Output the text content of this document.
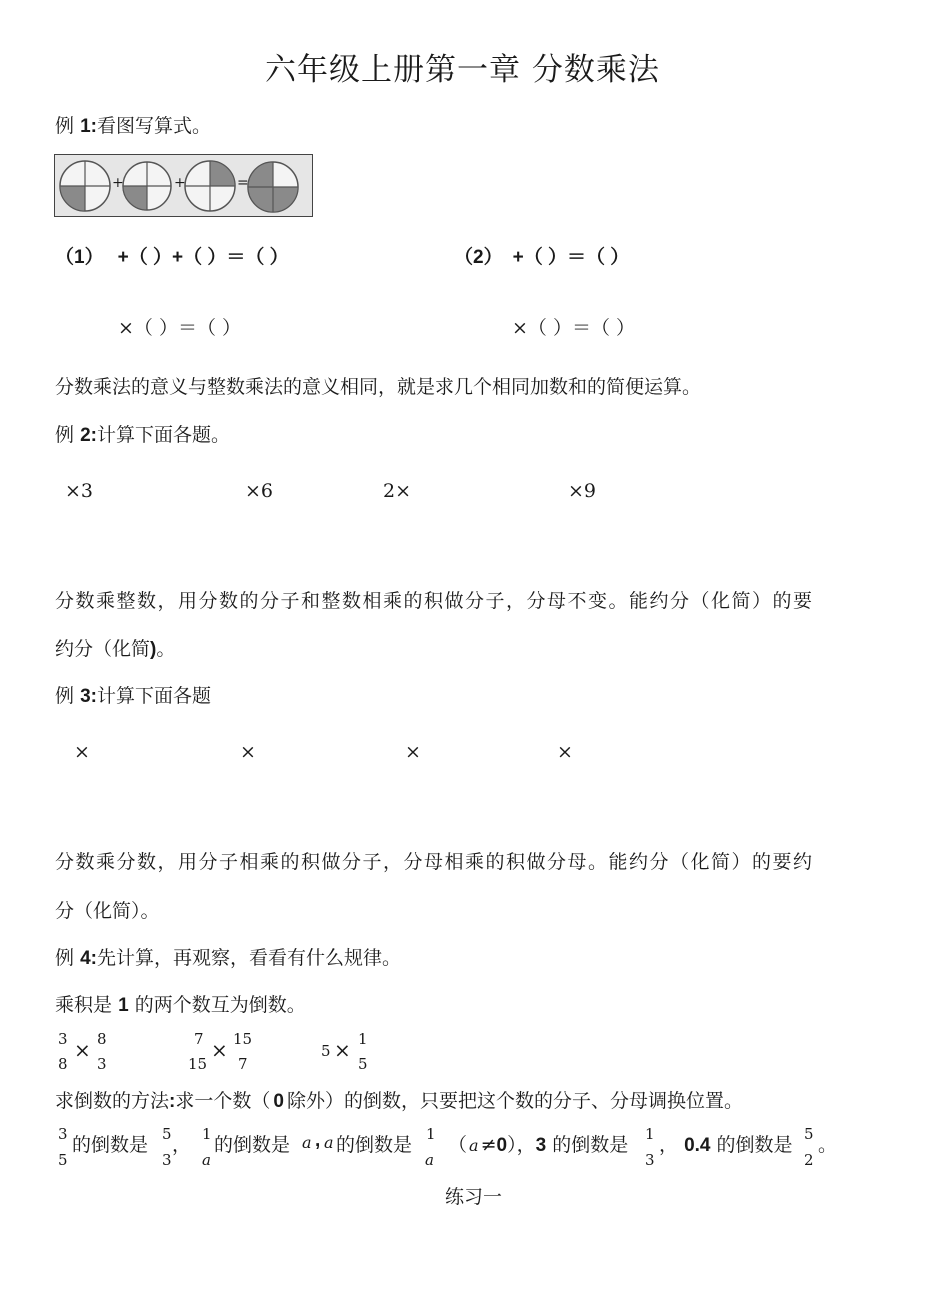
六年级上册第一章 分数乘法
例 1:看图写算式。
+	+	=
（1） +（ ）+（ ）＝（ ）	（2） +（ ）＝（ ）
×（ ）＝（ ）	×（ ）＝（ ）
分数乘法的意义与整数乘法的意义相同，就是求几个相同加数和的简便运算。
例 2:计算下面各题。
×3	×6	2×	×9
分数乘整数，用分数的分子和整数相乘的积做分子，分母不变。能约分（化简）的要
约分（化简)。
例 3:计算下面各题
×	×	×	×
分数乘分数，用分子相乘的积做分子，分母相乘的积做分母。能约分（化简）的要约
分（化简）。
例 4:先计算，再观察，看看有什么规律。
乘积是 1 的两个数互为倒数。
3
8
× 8
3
7
15
× 15
7
5 × 1
5
求倒数的方法:求一个数（ 0 除外）的倒数，只要把这个数的分子、分母调换位置。
3
5
的倒数是 5
3
， 1
a
的倒数是 a , a 的倒数是 1
a
（ a ≠0），3 的倒数是 1
3
， 0.4 的倒数是 5
2
。
练习一
